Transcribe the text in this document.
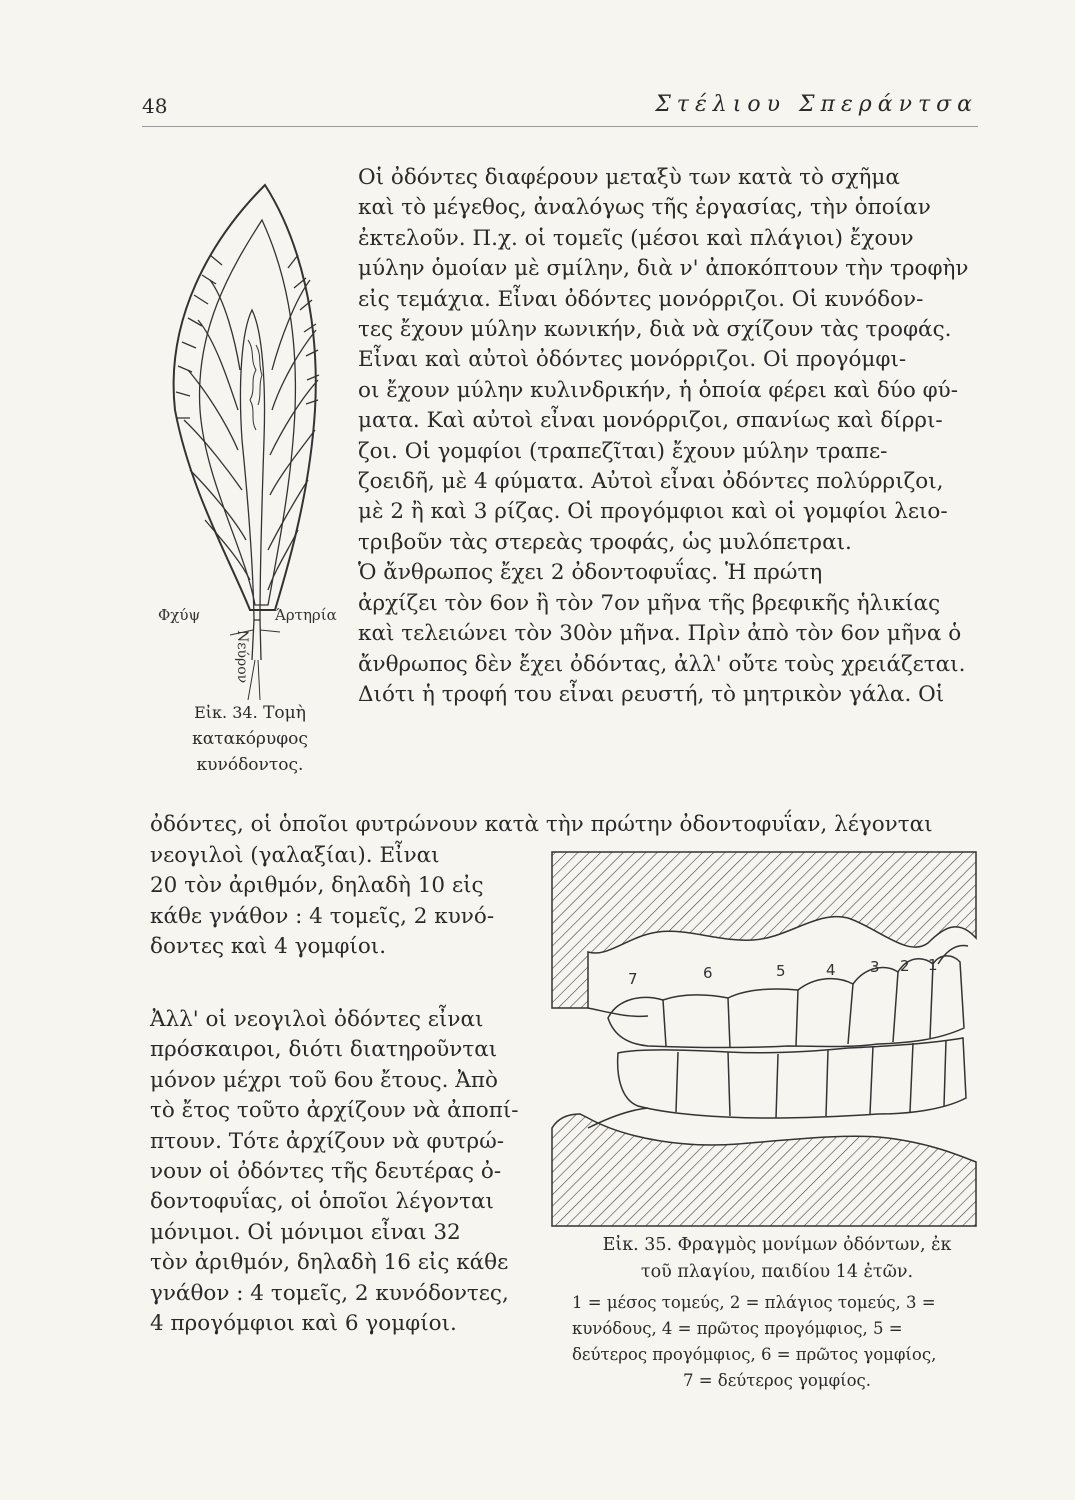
48	Στέλιου Σπεράντσα
Φχύψ	Άρτηρία
Νεύρον
Εἰκ. 34. Τομὴ κατακόρυφος κυνόδοντος.

Οἱ ὀδόντες διαφέρουν μεταξὺ των κατὰ τὸ σχῆμα

καὶ τὸ μέγεθος, ἀναλόγως τῆς ἐργασίας, τὴν ὁποίαν

ἐκτελοῦν. Π.χ. οἱ τομεῖς (μέσοι καὶ πλάγιοι) ἔχουν

μύλην ὁμοίαν μὲ σμίλην, διὰ ν' ἀποκόπτουν τὴν τροφὴν

εἰς τεμάχια. Εἶναι ὀδόντες μονόρριζοι. Οἱ κυνόδον-

τες ἔχουν μύλην κωνικήν, διὰ νὰ σχίζουν τὰς τροφάς.

Εἶναι καὶ αὐτοὶ ὀδόντες μονόρριζοι. Οἱ προγόμφι-

οι ἔχουν μύλην κυλινδρικήν, ἡ ὁποία φέρει καὶ δύο φύ-

ματα. Καὶ αὐτοὶ εἶναι μονόρριζοι, σπανίως καὶ δίρρι-

ζοι. Οἱ γομφίοι (τραπεζῖται) ἔχουν μύλην τραπε-

ζοειδῆ, μὲ 4 φύματα. Αὐτοὶ εἶναι ὀδόντες πολύρριζοι,

μὲ 2 ἢ καὶ 3 ρίζας. Οἱ προγόμφιοι καὶ οἱ γομφίοι λειο-

τριβοῦν τὰς στερεὰς τροφάς, ὡς μυλόπετραι.

Ὁ ἄνθρωπος ἔχει 2 ὀδοντοφυΐας. Ἡ πρώτη

ἀρχίζει τὸν 6ον ἢ τὸν 7ον μῆνα τῆς βρεφικῆς ἡλικίας

καὶ τελειώνει τὸν 30ὸν μῆνα. Πρὶν ἀπὸ τὸν 6ον μῆνα ὁ

ἄνθρωπος δὲν ἔχει ὀδόντας, ἀλλ' οὔτε τοὺς χρειάζεται.

Διότι ἡ τροφή του εἶναι ρευστή, τὸ μητρικὸν γάλα. Οἱ

ὀδόντες, οἱ ὁποῖοι φυτρώνουν κατὰ τὴν πρώτην ὀδοντοφυΐαν, λέγονται

νεογιλοὶ (γαλαξίαι). Εἶναι

20 τὸν ἀριθμόν, δηλαδὴ 10 εἰς

κάθε γνάθον : 4 τομεῖς, 2 κυνό-

δοντες καὶ 4 γομφίοι.

Ἀλλ' οἱ νεογιλοὶ ὀδόντες εἶναι

πρόσκαιροι, διότι διατηροῦνται

μόνον μέχρι τοῦ 6ου ἔτους. Ἀπὸ

τὸ ἔτος τοῦτο ἀρχίζουν νὰ ἀποπί-

πτουν. Τότε ἀρχίζουν νὰ φυτρώ-

νουν οἱ ὀδόντες τῆς δευτέρας ὀ-

δοντοφυΐας, οἱ ὁποῖοι λέγονται

μόνιμοι. Οἱ μόνιμοι εἶναι 32

τὸν ἀριθμόν, δηλαδὴ 16 εἰς κάθε

γνάθον : 4 τομεῖς, 2 κυνόδοντες,

4 προγόμφιοι καὶ 6 γομφίοι.

7	6	5	4 3 2 1
Εἰκ. 35. Φραγμὸς μονίμων ὀδόντων, ἐκ
τοῦ πλαγίου, παιδίου 14 ἐτῶν.
1 = μέσος τομεύς, 2 = πλάγιος τομεύς, 3 =
κυνόδους, 4 = πρῶτος προγόμφιος, 5 =
δεύτερος προγόμφιος, 6 = πρῶτος γομφίος,
7 = δεύτερος γομφίος.
